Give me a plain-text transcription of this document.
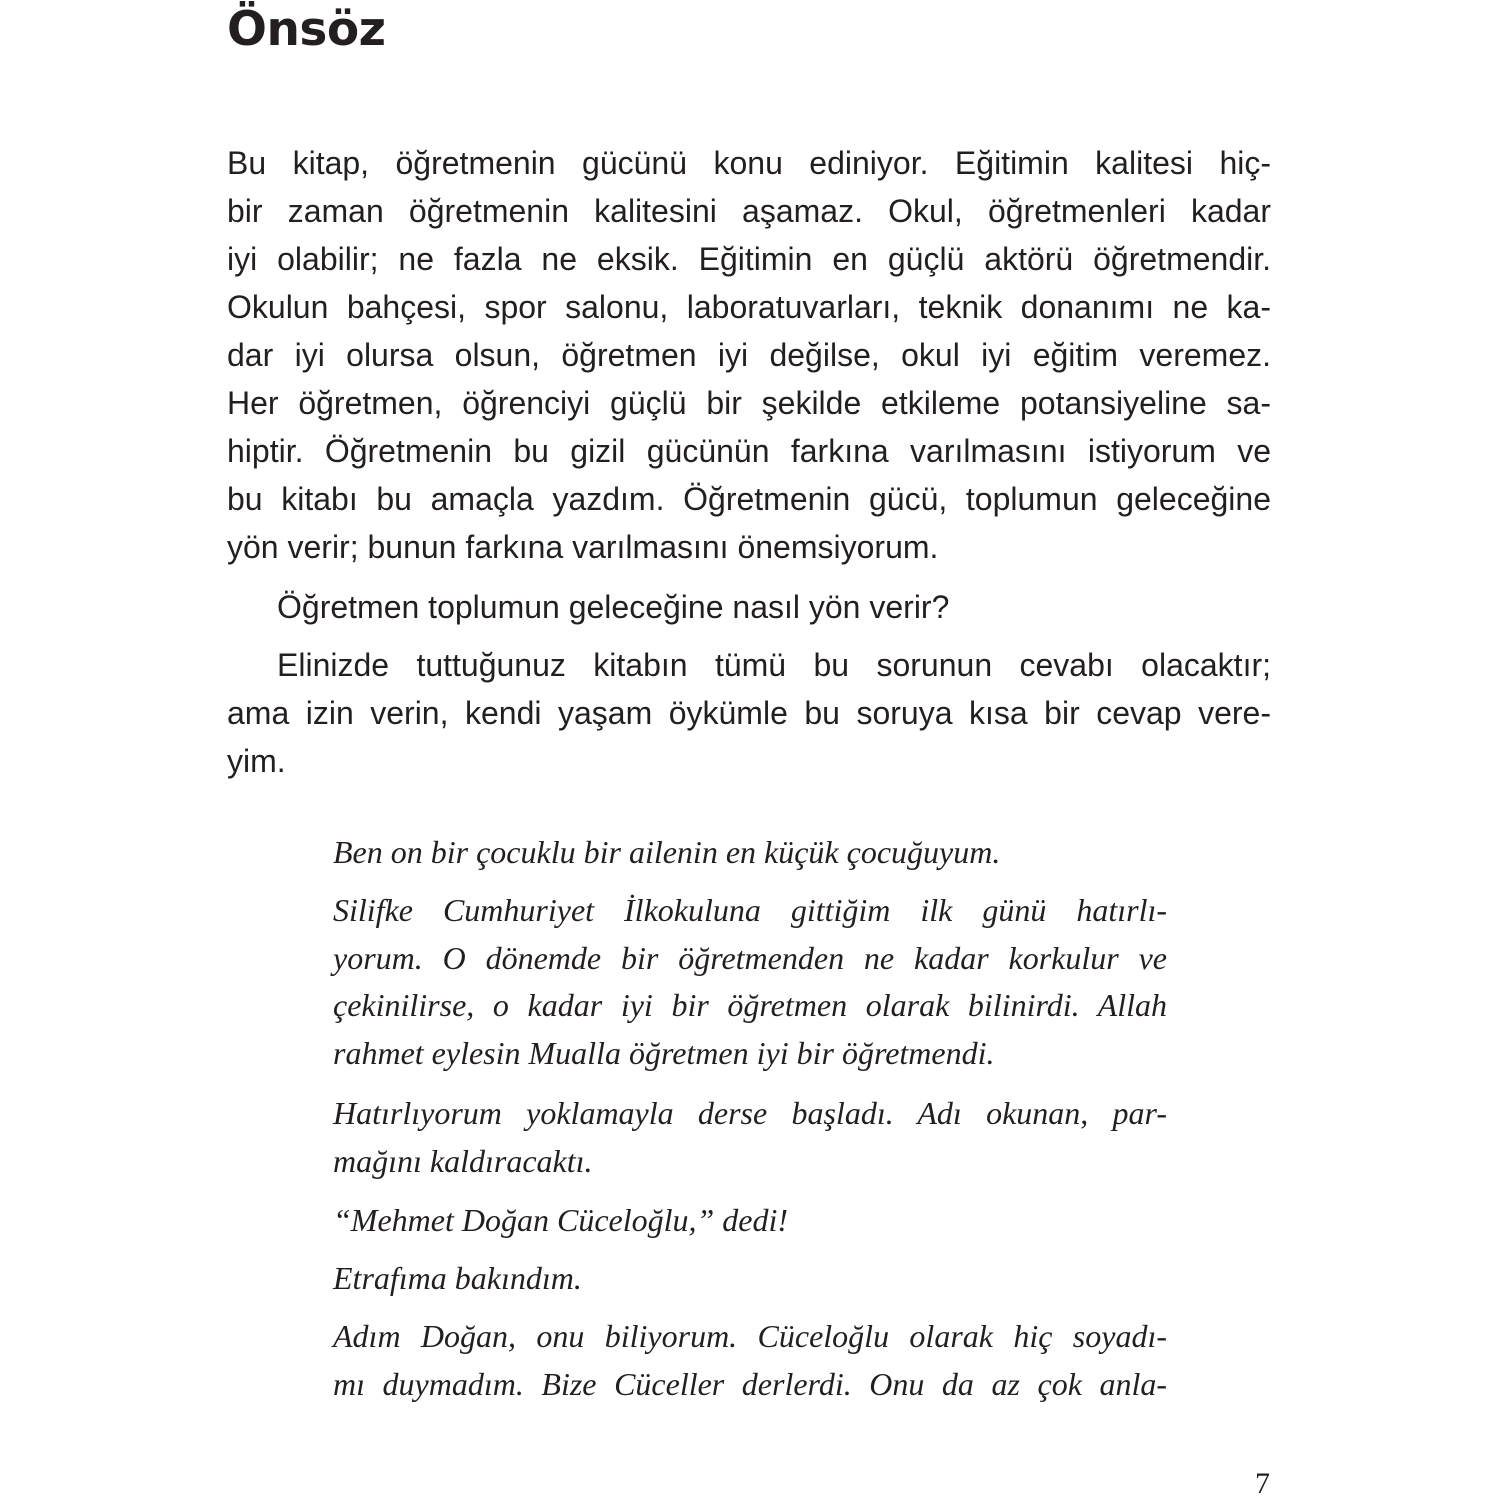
Önsöz

Bu kitap, öğretmenin gücünü konu ediniyor. Eğitimin kalitesi hiç-

bir zaman öğretmenin kalitesini aşamaz. Okul, öğretmenleri kadar

iyi olabilir; ne fazla ne eksik. Eğitimin en güçlü aktörü öğretmendir.

Okulun bahçesi, spor salonu, laboratuvarları, teknik donanımı ne ka-

dar iyi olursa olsun, öğretmen iyi değilse, okul iyi eğitim veremez.

Her öğretmen, öğrenciyi güçlü bir şekilde etkileme potansiyeline sa-

hiptir. Öğretmenin bu gizil gücünün farkına varılmasını istiyorum ve

bu kitabı bu amaçla yazdım. Öğretmenin gücü, toplumun geleceğine

yön verir; bunun farkına varılmasını önemsiyorum.

Öğretmen toplumun geleceğine nasıl yön verir?

Elinizde tuttuğunuz kitabın tümü bu sorunun cevabı olacaktır;

ama izin verin, kendi yaşam öykümle bu soruya kısa bir cevap vere-

yim.

Ben on bir çocuklu bir ailenin en küçük çocuğuyum.

Silifke Cumhuriyet İlkokuluna gittiğim ilk günü hatırlı-

yorum. O dönemde bir öğretmenden ne kadar korkulur ve

çekinilirse, o kadar iyi bir öğretmen olarak bilinirdi. Allah

rahmet eylesin Mualla öğretmen iyi bir öğretmendi.

Hatırlıyorum yoklamayla derse başladı. Adı okunan, par-

mağını kaldıracaktı.

“Mehmet Doğan Cüceloğlu,” dedi!

Etrafıma bakındım.

Adım Doğan, onu biliyorum. Cüceloğlu olarak hiç soyadı-

mı duymadım. Bize Cüceller derlerdi. Onu da az çok anla-

7
